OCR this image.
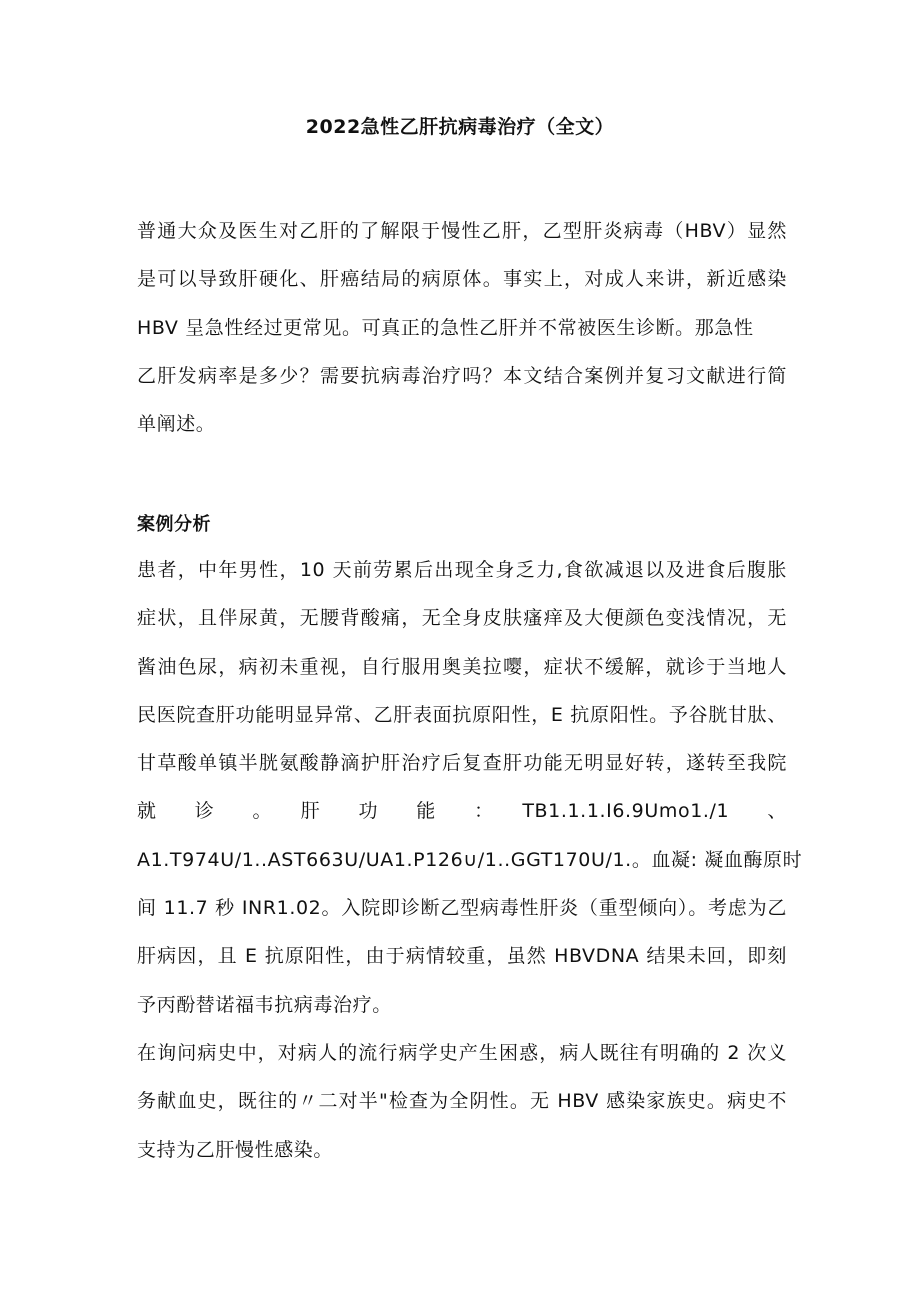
2022急性乙肝抗病毒治疗（全文）
普通大众及医生对乙肝的了解限于慢性乙肝，乙型肝炎病毒（HBV）显然
是可以导致肝硬化、肝癌结局的病原体。事实上，对成人来讲，新近感染
HBV 呈急性经过更常见。可真正的急性乙肝并不常被医生诊断。那急性
乙肝发病率是多少？需要抗病毒治疗吗？本文结合案例并复习文献进行简
单阐述。
案例分析
患者，中年男性，10 天前劳累后出现全身乏力,食欲减退以及进食后腹胀
症状，且伴尿黄，无腰背酸痛，无全身皮肤瘙痒及大便颜色变浅情况，无
酱油色尿，病初未重视，自行服用奥美拉嘤，症状不缓解，就诊于当地人
民医院查肝功能明显异常、乙肝表面抗原阳性，E 抗原阳性。予谷胱甘肽、
甘草酸单镇半胱氨酸静滴护肝治疗后复查肝功能无明显好转，遂转至我院
就　诊　。　肝　功　能　：　TB1.1.1.I6.9Umo1./1　、
A1.T974U/1..AST663U/UA1.P126∪/1..GGT170U/1.。血凝: 凝血酶原时
间 11.7 秒 INR1.02。入院即诊断乙型病毒性肝炎（重型倾向）。考虑为乙
肝病因，且 E 抗原阳性，由于病情较重，虽然 HBVDNA 结果未回，即刻
予丙酚替诺福韦抗病毒治疗。
在询问病史中，对病人的流行病学史产生困惑，病人既往有明确的 2 次义
务献血史，既往的〃二对半"检查为全阴性。无 HBV 感染家族史。病史不
支持为乙肝慢性感染。
